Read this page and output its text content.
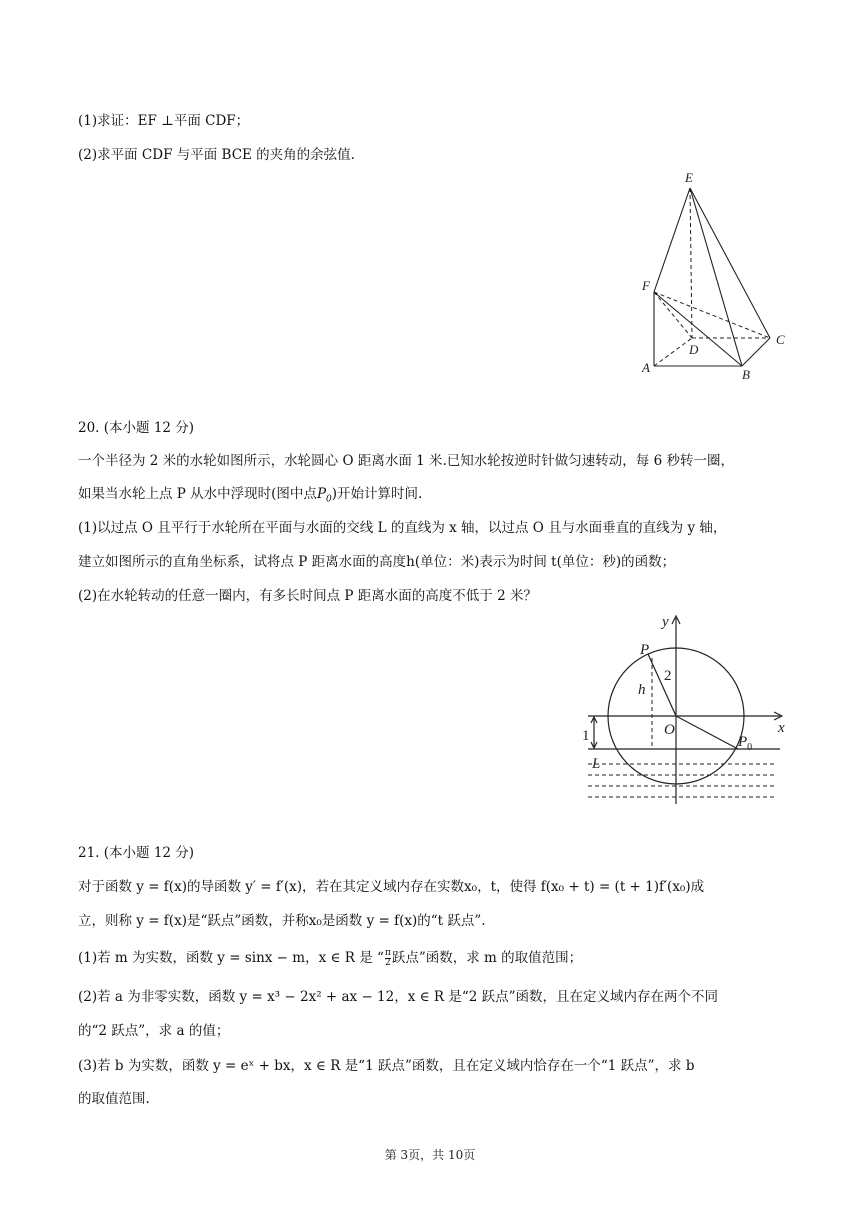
(1)求证：EF ⊥平面 CDF；
(2)求平面 CDF 与平面 BCE 的夹角的余弦值.
E
F
C
D
A	B
20. (本小题 12 分)
一个半径为 2 米的水轮如图所示，水轮圆心 O 距离水面 1 米.已知水轮按逆时针做匀速转动，每 6 秒转一圈，
如果当水轮上点 P 从水中浮现时(图中点$P_0$)开始计算时间.
(1)以过点 O 且平行于水轮所在平面与水面的交线 L 的直线为 x 轴，以过点 O 且与水面垂直的直线为 y 轴，
建立如图所示的直角坐标系，试将点 P 距离水面的高度h(单位：米)表示为时间 t(单位：秒)的函数；
(2)在水轮转动的任意一圈内，有多长时间点 P 距离水面的高度不低于 2 米？
y
x
P
2
h
O
1	$P_0$
L
21. (本小题 12 分)
对于函数 y = f(x)的导函数 y′ = f′(x)，若在其定义域内存在实数x₀，t，使得 f(x₀ + t) = (t + 1)f′(x₀)成
立，则称 y = f(x)是“跃点”函数，并称x₀是函数 y = f(x)的“t 跃点”.
(1)若 m 为实数，函数 y = sinx − m，x ∈ R 是 “ $\frac{\pi}{2}$ 跃点”函数，求 m 的取值范围；
(2)若 a 为非零实数，函数 y = x³ − 2x² + ax − 12，x ∈ R 是“2 跃点”函数，且在定义域内存在两个不同
的“2 跃点”，求 a 的值；
(3)若 b 为实数，函数 y = eˣ + bx，x ∈ R 是“1 跃点”函数，且在定义域内恰存在一个“1 跃点”，求 b
的取值范围.
第 3页，共 10页
